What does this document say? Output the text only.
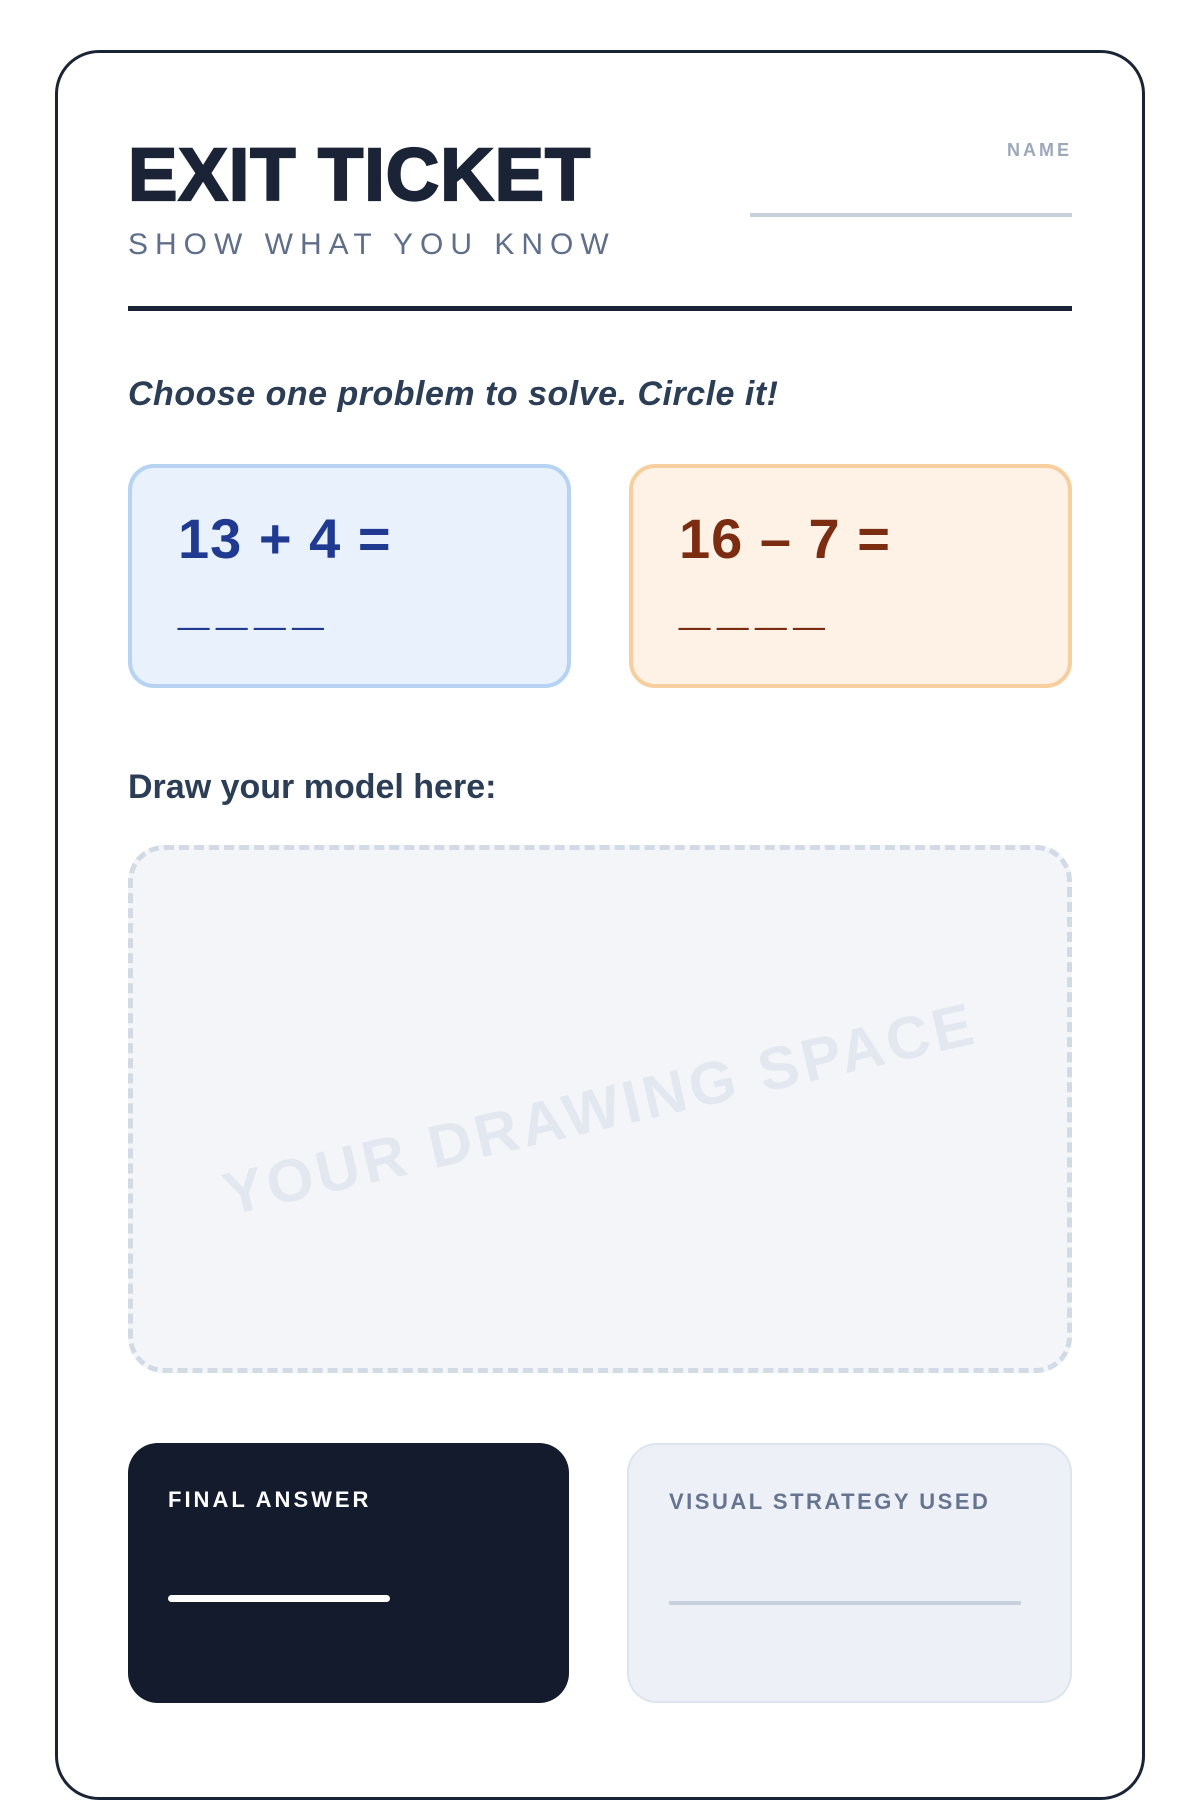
EXIT TICKET
SHOW WHAT YOU KNOW
NAME
Choose one problem to solve. Circle it!
13 + 4 =
____
16 – 7 =
____
Draw your model here:
YOUR DRAWING SPACE
FINAL ANSWER	VISUAL STRATEGY USED
